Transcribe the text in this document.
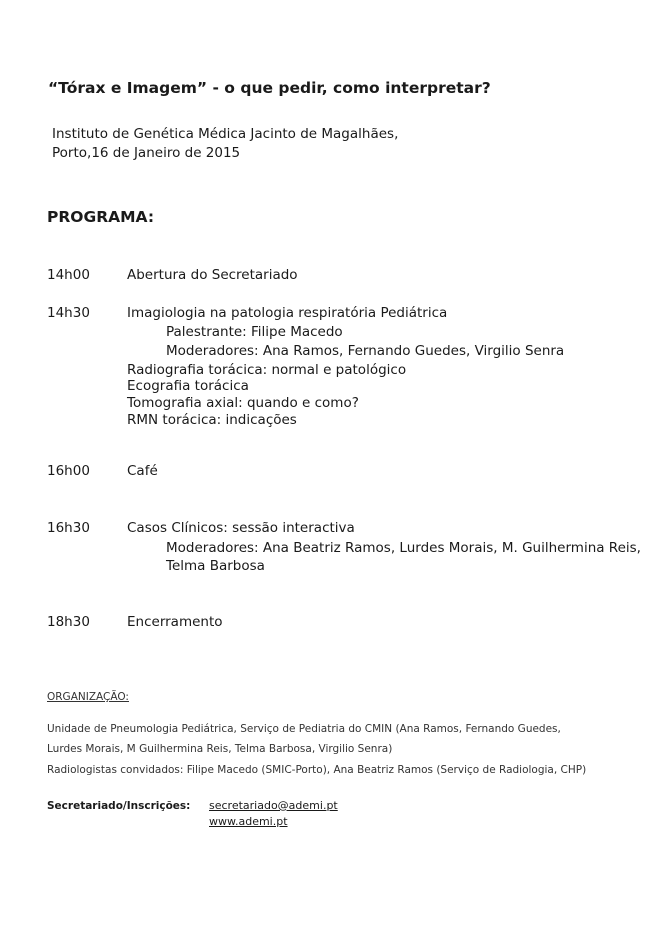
“Tórax e Imagem” - o que pedir, como interpretar?
Instituto de Genética Médica Jacinto de Magalhães,
Porto,16 de Janeiro de 2015
PROGRAMA:
14h00	Abertura do Secretariado
14h30	Imagiologia na patologia respiratória Pediátrica
Palestrante: Filipe Macedo
Moderadores: Ana Ramos, Fernando Guedes, Virgilio Senra
Radiografia torácica: normal e patológico
Ecografia torácica
Tomografia axial: quando e como?
RMN torácica: indicações
16h00	Café
16h30	Casos Clínicos: sessão interactiva
Moderadores: Ana Beatriz Ramos, Lurdes Morais, M. Guilhermina Reis,
Telma Barbosa
18h30	Encerramento
ORGANIZAÇÃO:
Unidade de Pneumologia Pediátrica, Serviço de Pediatria do CMIN (Ana Ramos, Fernando Guedes,
Lurdes Morais, M Guilhermina Reis, Telma Barbosa, Virgilio Senra)
Radiologistas convidados: Filipe Macedo (SMIC-Porto), Ana Beatriz Ramos (Serviço de Radiologia, CHP)
Secretariado/Inscrições: secretariado@ademi.pt
www.ademi.pt
